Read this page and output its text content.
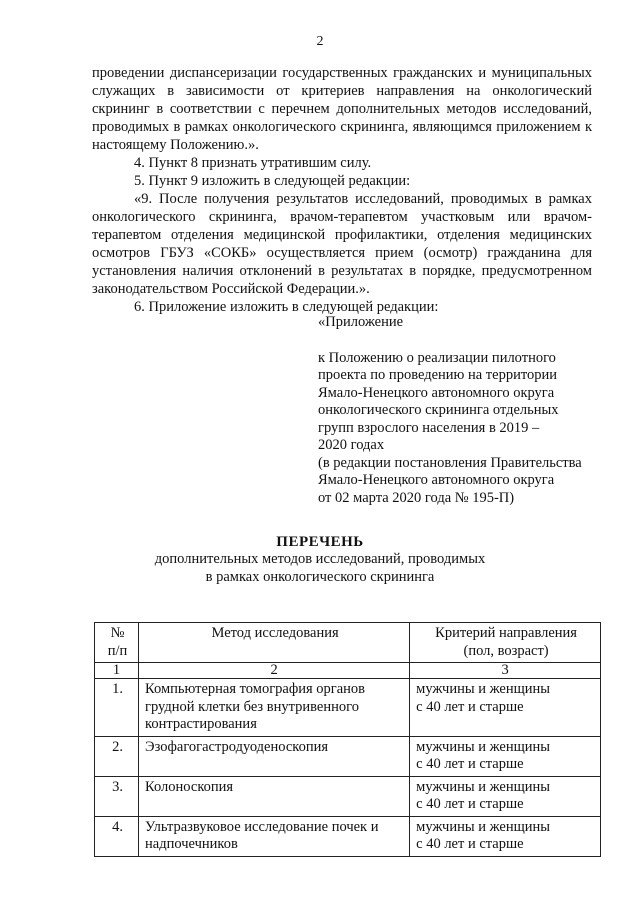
2

проведении диспансеризации государственных гражданских и муниципальных служащих в зависимости от критериев направления на онкологический скрининг в соответствии с перечнем дополнительных методов исследований, проводимых в рамках онкологического скрининга, являющимся приложением к настоящему Положению.».

4. Пункт 8 признать утратившим силу.

5. Пункт 9 изложить в следующей редакции:

«9. После получения результатов исследований, проводимых в рамках онкологического скрининга, врачом-терапевтом участковым или врачом-терапевтом отделения медицинской профилактики, отделения медицинских осмотров ГБУЗ «СОКБ» осуществляется прием (осмотр) гражданина для установления наличия отклонений в результатах в порядке, предусмотренном законодательством Российской Федерации.».

6. Приложение изложить в следующей редакции:

«Приложение
к Положению о реализации пилотного
проекта по проведению на территории
Ямало-Ненецкого автономного округа
онкологического скрининга отдельных
групп взрослого населения в 2019 –
2020 годах
(в редакции постановления Правительства
Ямало-Ненецкого автономного округа
от 02 марта 2020 года № 195-П)
ПЕРЕЧЕНЬ
дополнительных методов исследований, проводимых
в рамках онкологического скрининга
№
п/п	Метод исследования	Критерий направления
(пол, возраст)
1	2	3
1.	Компьютерная томография органов грудной клетки без внутривенного контрастирования	мужчины и женщины
с 40 лет и старше
2.	Эзофагогастродуоденоскопия	мужчины и женщины
с 40 лет и старше
3.	Колоноскопия	мужчины и женщины
с 40 лет и старше
4.	Ультразвуковое исследование почек и надпочечников	мужчины и женщины
с 40 лет и старше
